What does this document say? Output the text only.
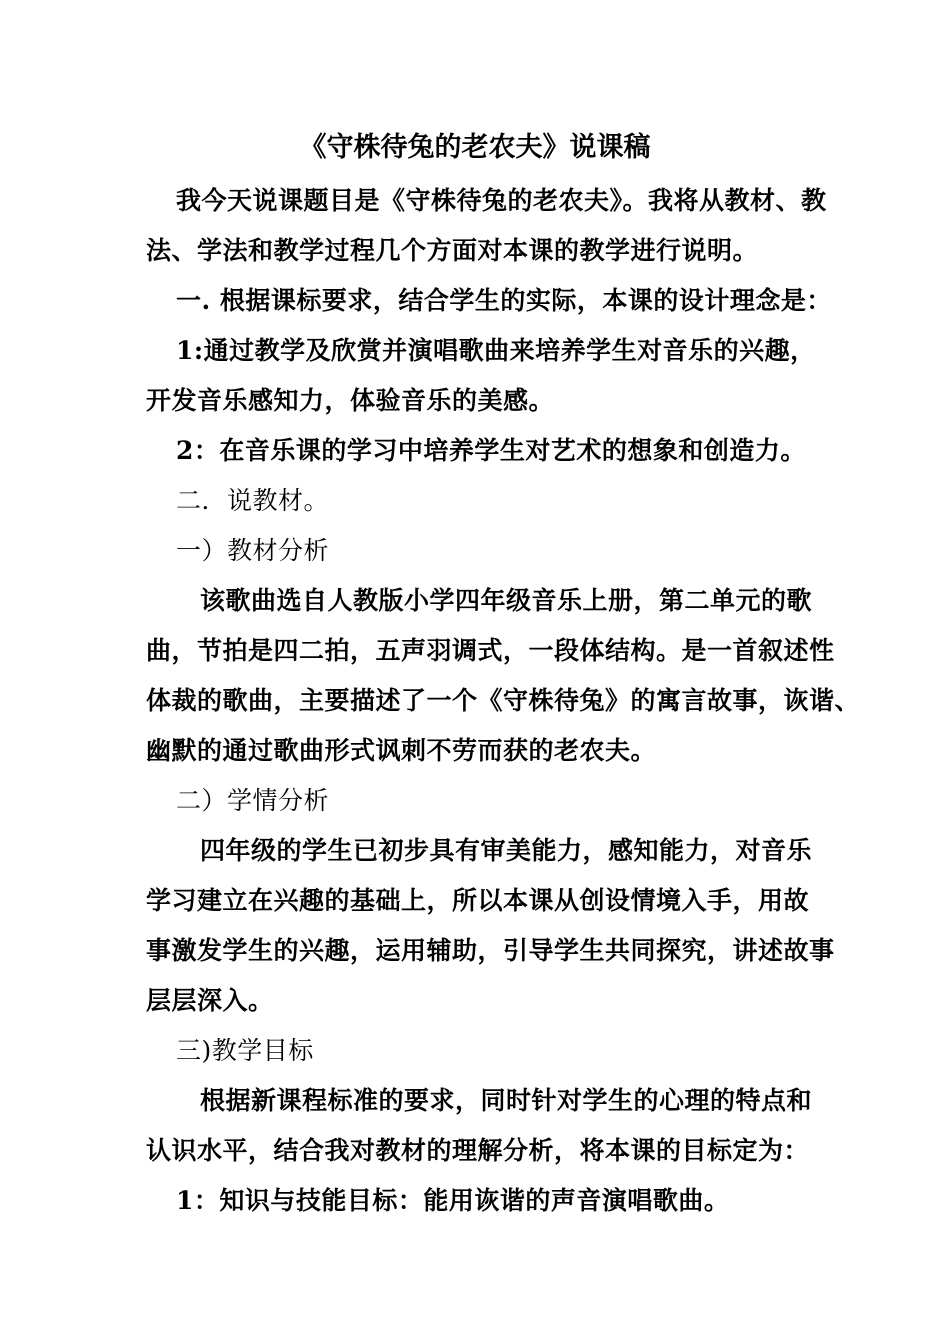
《守株待兔的老农夫》说课稿
我今天说课题目是《守株待兔的老农夫》。我将从教材、教
法、学法和教学过程几个方面对本课的教学进行说明。
一. 根据课标要求，结合学生的实际，本课的设计理念是：
1:通过教学及欣赏并演唱歌曲来培养学生对音乐的兴趣，
开发音乐感知力，体验音乐的美感。
2：在音乐课的学习中培养学生对艺术的想象和创造力。
二．说教材。
一）教材分析
该歌曲选自人教版小学四年级音乐上册，第二单元的歌
曲，节拍是四二拍，五声羽调式，一段体结构。是一首叙述性
体裁的歌曲，主要描述了一个《守株待兔》的寓言故事，诙谐、
幽默的通过歌曲形式讽刺不劳而获的老农夫。
二）学情分析
四年级的学生已初步具有审美能力，感知能力，对音乐
学习建立在兴趣的基础上，所以本课从创设情境入手，用故
事激发学生的兴趣，运用辅助，引导学生共同探究，讲述故事
层层深入。
三)教学目标
根据新课程标准的要求，同时针对学生的心理的特点和
认识水平，结合我对教材的理解分析，将本课的目标定为：
1：知识与技能目标：能用诙谐的声音演唱歌曲。
